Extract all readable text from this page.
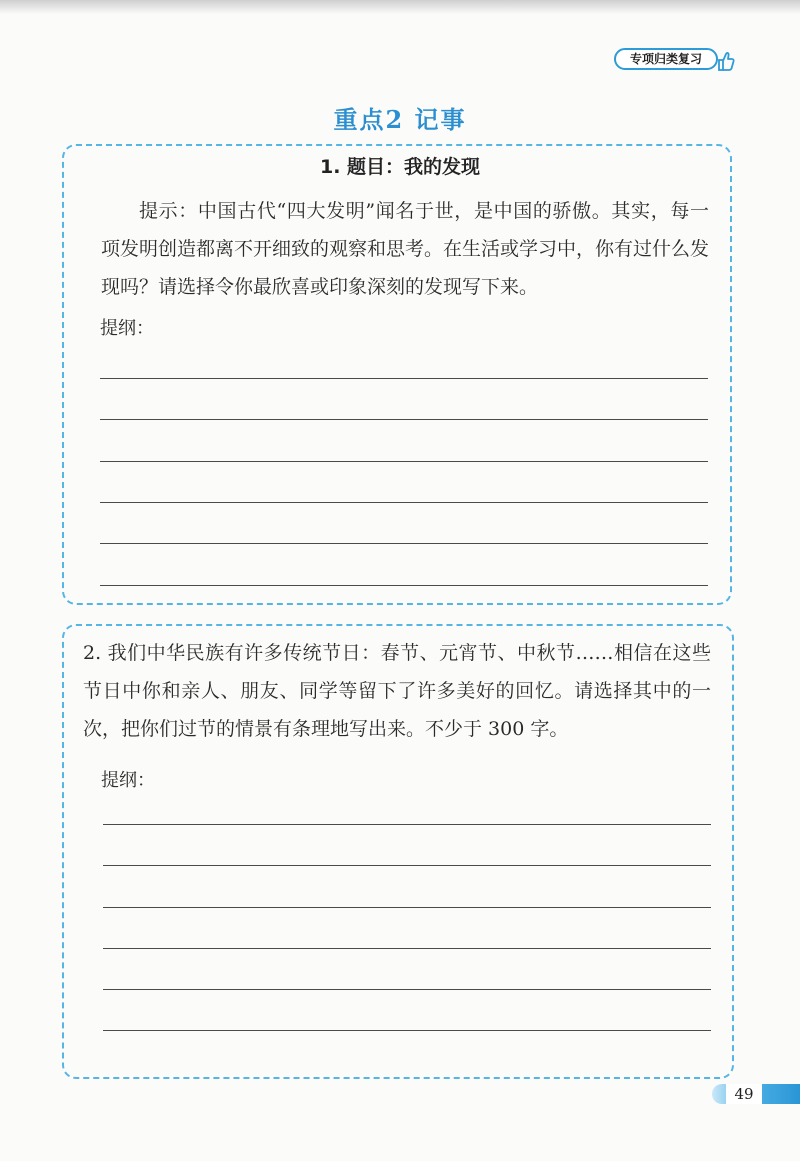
专项归类复习
重点2 记事
1. 题目：我的发现
提示：中国古代“四大发明”闻名于世，是中国的骄傲。其实，每一项发明创造都离不开细致的观察和思考。在生活或学习中，你有过什么发现吗？请选择令你最欣喜或印象深刻的发现写下来。
提纲：
2. 我们中华民族有许多传统节日：春节、元宵节、中秋节……相信在这些节日中你和亲人、朋友、同学等留下了许多美好的回忆。请选择其中的一次，把你们过节的情景有条理地写出来。不少于 300 字。
提纲：
49
